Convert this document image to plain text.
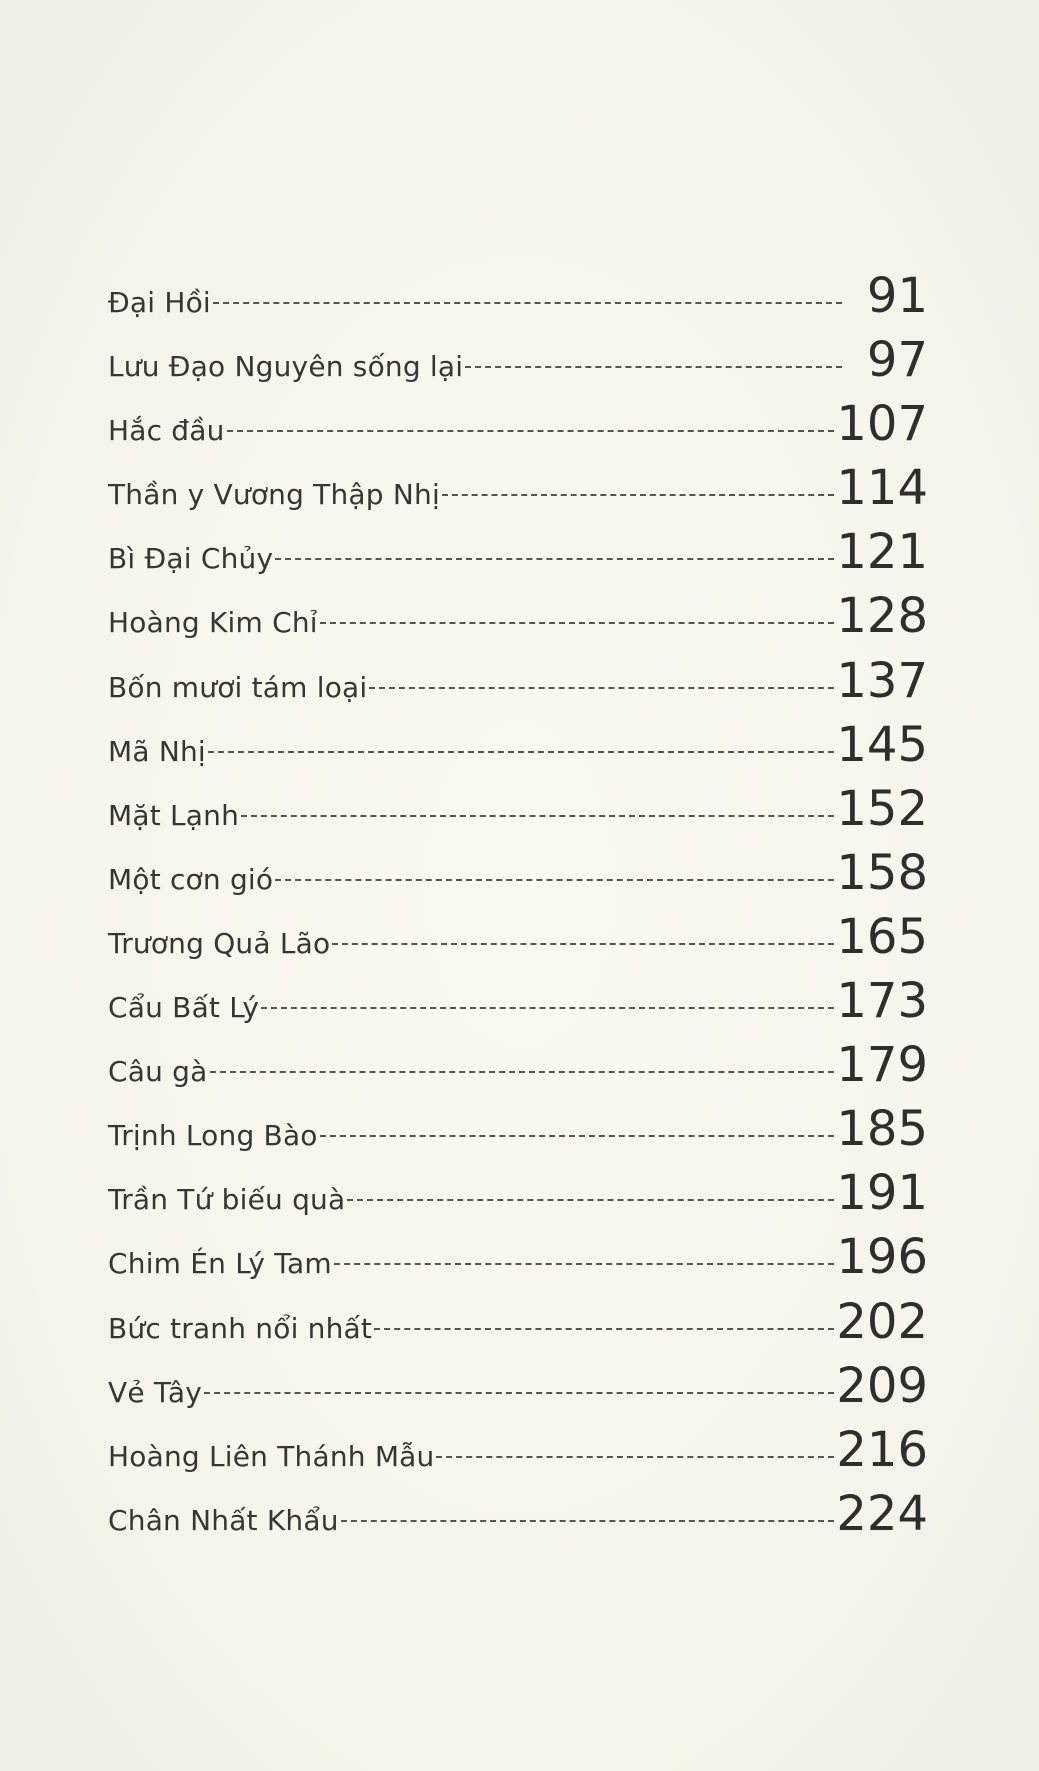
Đại Hồi	91
Lưu Đạo Nguyên sống lại	97
Hắc đầu	107
Thần y Vương Thập Nhị	114
Bì Đại Chủy	121
Hoàng Kim Chỉ	128
Bốn mươi tám loại	137
Mã Nhị	145
Mặt Lạnh	152
Một cơn gió	158
Trương Quả Lão	165
Cẩu Bất Lý	173
Câu gà	179
Trịnh Long Bào	185
Trần Tứ biếu quà	191
Chim Én Lý Tam	196
Bức tranh nổi nhất	202
Vẻ Tây	209
Hoàng Liên Thánh Mẫu	216
Chân Nhất Khẩu	224
